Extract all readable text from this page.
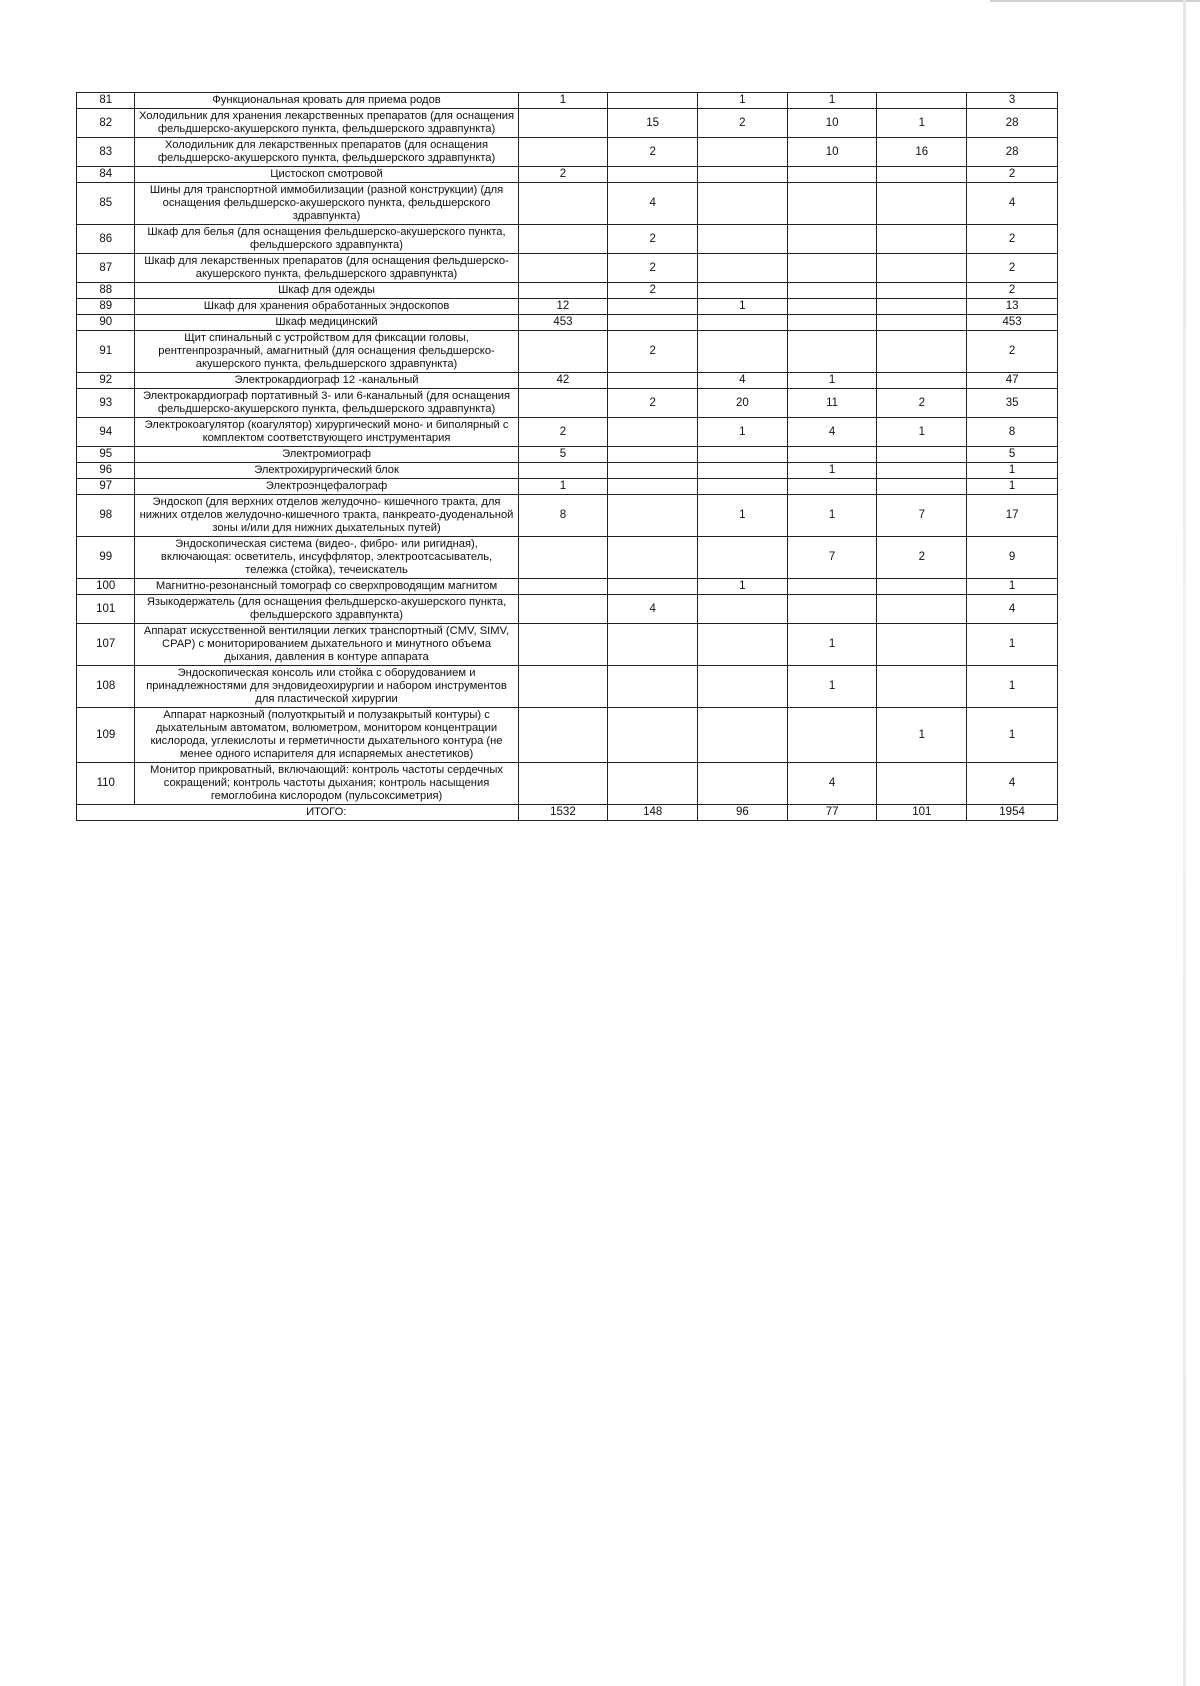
81	Функциональная кровать для приема родов	1		1	1		3
82	Холодильник для хранения лекарственных препаратов (для оснащения фельдшерско-акушерского пункта, фельдшерского здравпункта)		15	2	10	1	28
83	Холодильник для лекарственных препаратов (для оснащения фельдшерско-акушерского пункта, фельдшерского здравпункта)		2		10	16	28
84	Цистоскоп смотровой	2					2
85	Шины для транспортной иммобилизации (разной конструкции) (для оснащения фельдшерско-акушерского пункта, фельдшерского здравпункта)		4				4
86	Шкаф для белья (для оснащения фельдшерско-акушерского пункта, фельдшерского здравпункта)		2				2
87	Шкаф для лекарственных препаратов (для оснащения фельдшерско-акушерского пункта, фельдшерского здравпункта)		2				2
88	Шкаф для одежды		2				2
89	Шкаф для хранения обработанных эндоскопов	12		1			13
90	Шкаф медицинский	453					453
91	Щит спинальный с устройством для фиксации головы, рентгенпрозрачный, амагнитный (для оснащения фельдшерско-акушерского пункта, фельдшерского здравпункта)		2				2
92	Электрокардиограф 12 -канальный	42		4	1		47
93	Электрокардиограф портативный 3- или 6-канальный (для оснащения фельдшерско-акушерского пункта, фельдшерского здравпункта)		2	20	11	2	35
94	Электрокоагулятор (коагулятор) хирургический моно- и биполярный с комплектом соответствующего инструментария	2		1	4	1	8
95	Электромиограф	5					5
96	Электрохирургический блок				1		1
97	Электроэнцефалограф	1					1
98	Эндоскоп (для верхних отделов желудочно- кишечного тракта, для нижних отделов желудочно-кишечного тракта, панкреато-дуоденальной зоны и/или для нижних дыхательных путей)	8		1	1	7	17
99	Эндоскопическая система (видео-, фибро- или ригидная), включающая: осветитель, инсуффлятор, электроотсасыватель, тележка (стойка), течеискатель				7	2	9
100	Магнитно-резонансный томограф со сверхпроводящим магнитом			1			1
101	Языкодержатель (для оснащения фельдшерско-акушерского пункта, фельдшерского здравпункта)		4				4
107	Аппарат искусственной вентиляции легких транспортный (CMV, SIMV, CPAP) с мониторированием дыхательного и минутного объема дыхания, давления в контуре аппарата				1		1
108	Эндоскопическая консоль или стойка с оборудованием и принадлежностями для эндовидеохирургии и набором инструментов для пластической хирургии				1		1
109	Аппарат наркозный (полуоткрытый и полузакрытый контуры) с дыхательным автоматом, волюметром, монитором концентрации кислорода, углекислоты и герметичности дыхательного контура (не менее одного испарителя для испаряемых анестетиков)					1	1
110	Монитор прикроватный, включающий: контроль частоты сердечных сокращений; контроль частоты дыхания; контроль насыщения гемоглобина кислородом (пульсоксиметрия)				4		4
	ИТОГО:	1532	148	96	77	101	1954
